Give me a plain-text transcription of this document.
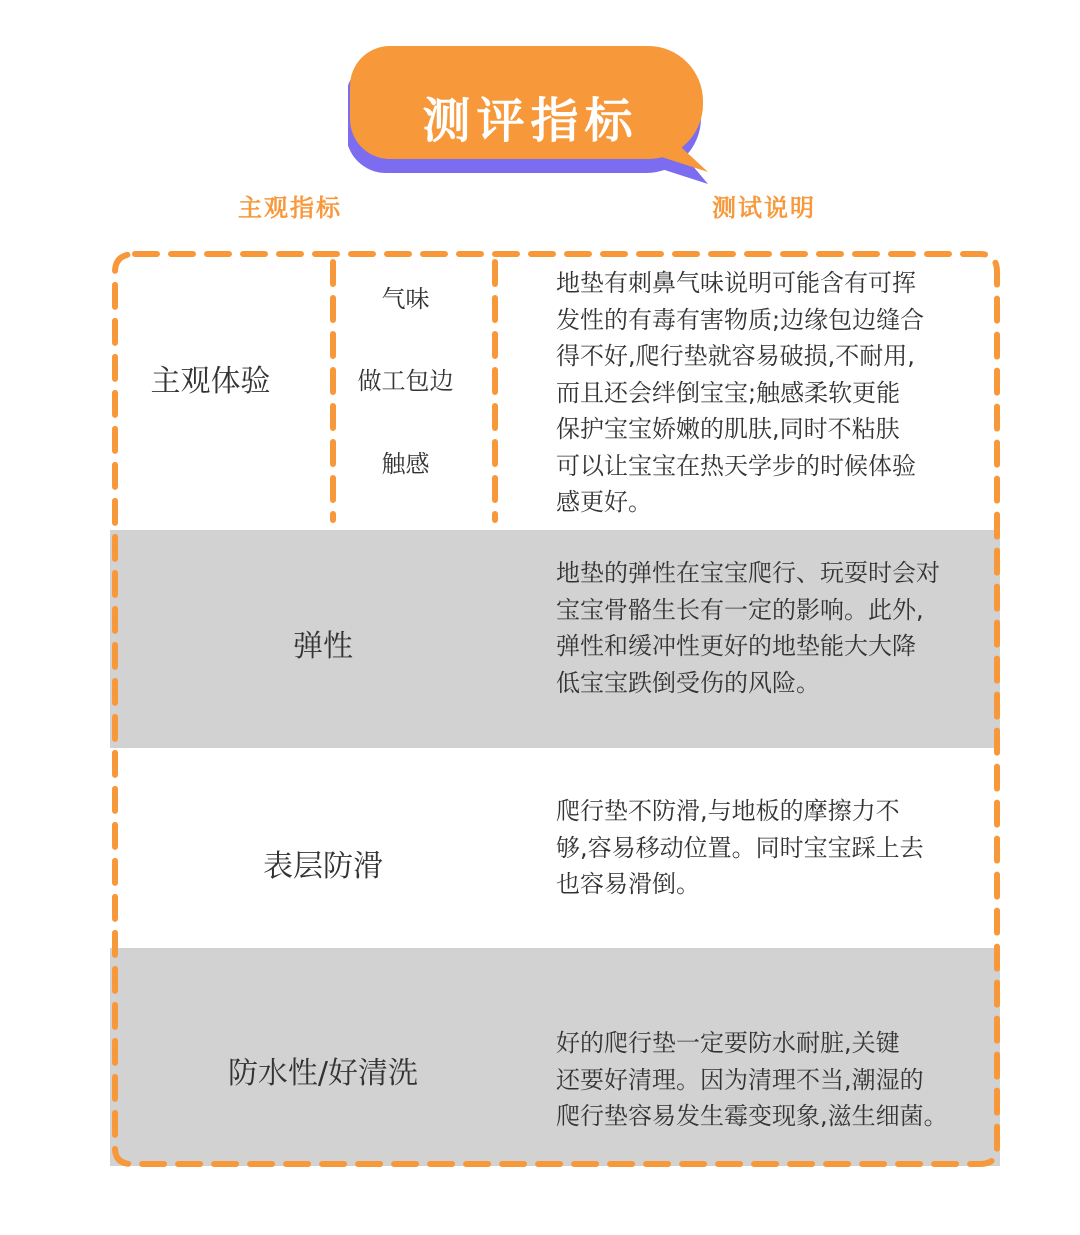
测评指标
主观指标	测试说明
主观体验
气味
做工包边
触感
地垫有刺鼻气味说明可能含有可挥
发性的有毒有害物质;边缘包边缝合
得不好,爬行垫就容易破损,不耐用,
而且还会绊倒宝宝;触感柔软更能
保护宝宝娇嫩的肌肤,同时不粘肤
可以让宝宝在热天学步的时候体验
感更好。
弹性
地垫的弹性在宝宝爬行、玩耍时会对
宝宝骨骼生长有一定的影响。此外,
弹性和缓冲性更好的地垫能大大降
低宝宝跌倒受伤的风险。
表层防滑
爬行垫不防滑,与地板的摩擦力不
够,容易移动位置。同时宝宝踩上去
也容易滑倒。
防水性/好清洗
好的爬行垫一定要防水耐脏,关键
还要好清理。因为清理不当,潮湿的
爬行垫容易发生霉变现象,滋生细菌。
